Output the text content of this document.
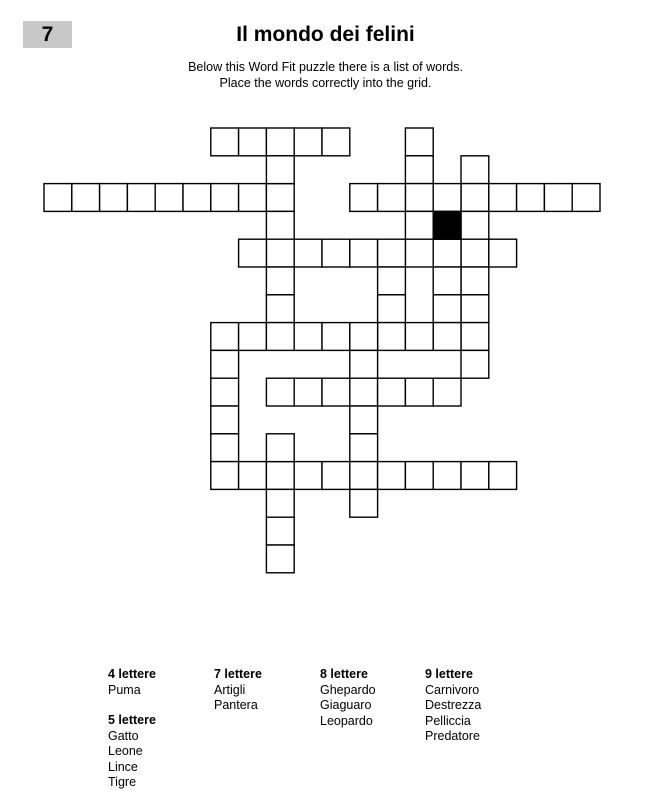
7	Il mondo dei felini
Below this Word Fit puzzle there is a list of words.
Place the words correctly into the grid.
4 lettere
Puma
5 lettere
Gatto
Leone
Lince
Tigre
7 lettere
Artigli
Pantera
8 lettere
Ghepardo
Giaguaro
Leopardo
9 lettere
Carnivoro
Destrezza
Pelliccia
Predatore
